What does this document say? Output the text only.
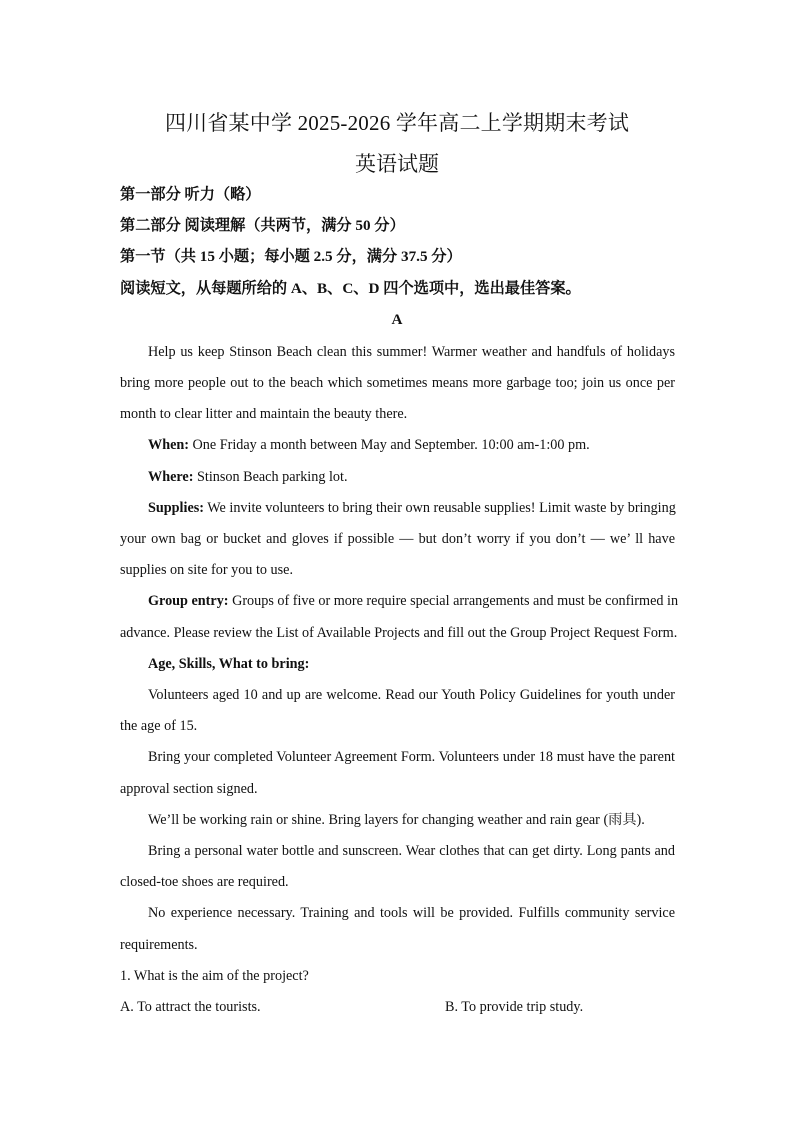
四川省某中学 2025-2026 学年高二上学期期末考试
英语试题
第一部分 听力（略）
第二部分 阅读理解（共两节，满分 50 分）
第一节（共 15 小题；每小题 2.5 分，满分 37.5 分）
阅读短文，从每题所给的 A、B、C、D 四个选项中，选出最佳答案。
A
Help us keep Stinson Beach clean this summer! Warmer weather and handfuls of holidays
bring more people out to the beach which sometimes means more garbage too; join us once per
month to clear litter and maintain the beauty there.
When: One Friday a month between May and September. 10:00 am-1:00 pm.
Where: Stinson Beach parking lot.
Supplies: We invite volunteers to bring their own reusable supplies! Limit waste by bringing
your own bag or bucket and gloves if possible — but don’t worry if you don’t — we’ ll have
supplies on site for you to use.
Group entry: Groups of five or more require special arrangements and must be confirmed in
advance. Please review the List of Available Projects and fill out the Group Project Request Form.
Age, Skills, What to bring:
Volunteers aged 10 and up are welcome. Read our Youth Policy Guidelines for youth under
the age of 15.
Bring your completed Volunteer Agreement Form. Volunteers under 18 must have the parent
approval section signed.
We’ll be working rain or shine. Bring layers for changing weather and rain gear (雨具).
Bring a personal water bottle and sunscreen. Wear clothes that can get dirty. Long pants and
closed-toe shoes are required.
No experience necessary. Training and tools will be provided. Fulfills community service
requirements.
1. What is the aim of the project?
A. To attract the tourists.	B. To provide trip study.
